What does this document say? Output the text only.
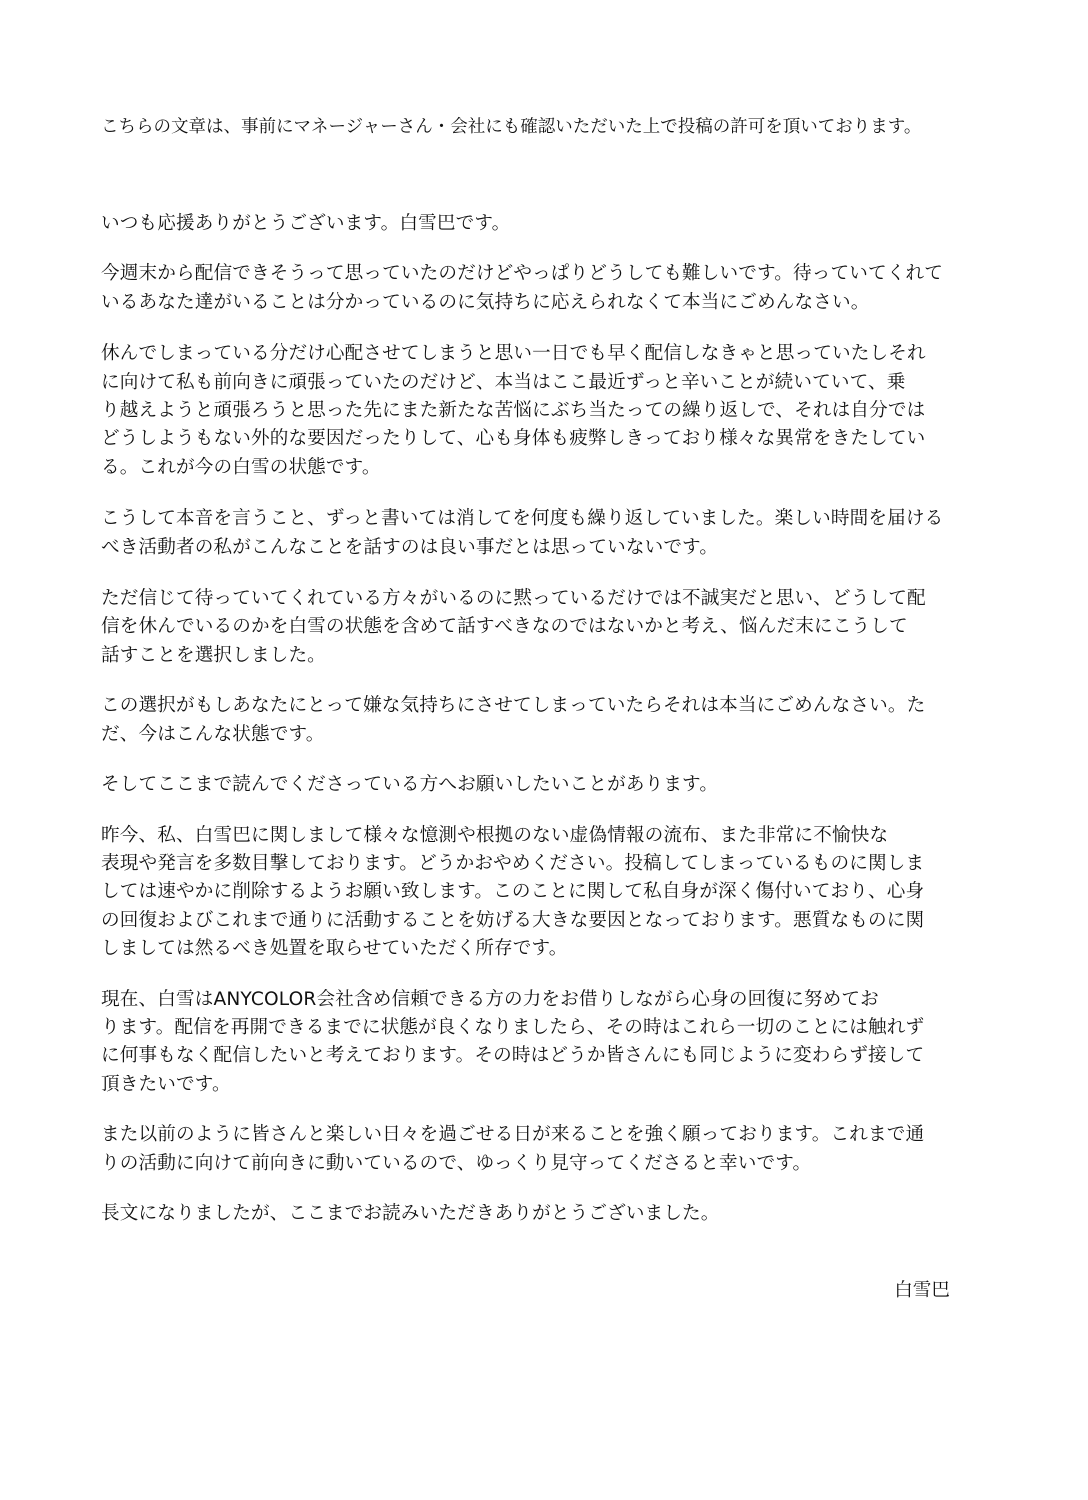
こちらの文章は、事前にマネージャーさん・会社にも確認いただいた上で投稿の許可を頂いております。

いつも応援ありがとうございます。白雪巴です。

今週末から配信できそうって思っていたのだけどやっぱりどうしても難しいです。待っていてくれて
いるあなた達がいることは分かっているのに気持ちに応えられなくて本当にごめんなさい。

休んでしまっている分だけ心配させてしまうと思い一日でも早く配信しなきゃと思っていたしそれ
に向けて私も前向きに頑張っていたのだけど、本当はここ最近ずっと辛いことが続いていて、乗
り越えようと頑張ろうと思った先にまた新たな苦悩にぶち当たっての繰り返しで、それは自分では
どうしようもない外的な要因だったりして、心も身体も疲弊しきっており様々な異常をきたしてい
る。これが今の白雪の状態です。

こうして本音を言うこと、ずっと書いては消してを何度も繰り返していました。楽しい時間を届ける
べき活動者の私がこんなことを話すのは良い事だとは思っていないです。

ただ信じて待っていてくれている方々がいるのに黙っているだけでは不誠実だと思い、どうして配
信を休んでいるのかを白雪の状態を含めて話すべきなのではないかと考え、悩んだ末にこうして
話すことを選択しました。

この選択がもしあなたにとって嫌な気持ちにさせてしまっていたらそれは本当にごめんなさい。た
だ、今はこんな状態です。

そしてここまで読んでくださっている方へお願いしたいことがあります。

昨今、私、白雪巴に関しまして様々な憶測や根拠のない虚偽情報の流布、また非常に不愉快な
表現や発言を多数目撃しております。どうかおやめください。投稿してしまっているものに関しま
しては速やかに削除するようお願い致します。このことに関して私自身が深く傷付いており、心身
の回復およびこれまで通りに活動することを妨げる大きな要因となっております。悪質なものに関
しましては然るべき処置を取らせていただく所存です。

現在、白雪はANYCOLOR会社含め信頼できる方の力をお借りしながら心身の回復に努めてお
ります。配信を再開できるまでに状態が良くなりましたら、その時はこれら一切のことには触れず
に何事もなく配信したいと考えております。その時はどうか皆さんにも同じように変わらず接して
頂きたいです。

また以前のように皆さんと楽しい日々を過ごせる日が来ることを強く願っております。これまで通
りの活動に向けて前向きに動いているので、ゆっくり見守ってくださると幸いです。

長文になりましたが、ここまでお読みいただきありがとうございました。

白雪巴
